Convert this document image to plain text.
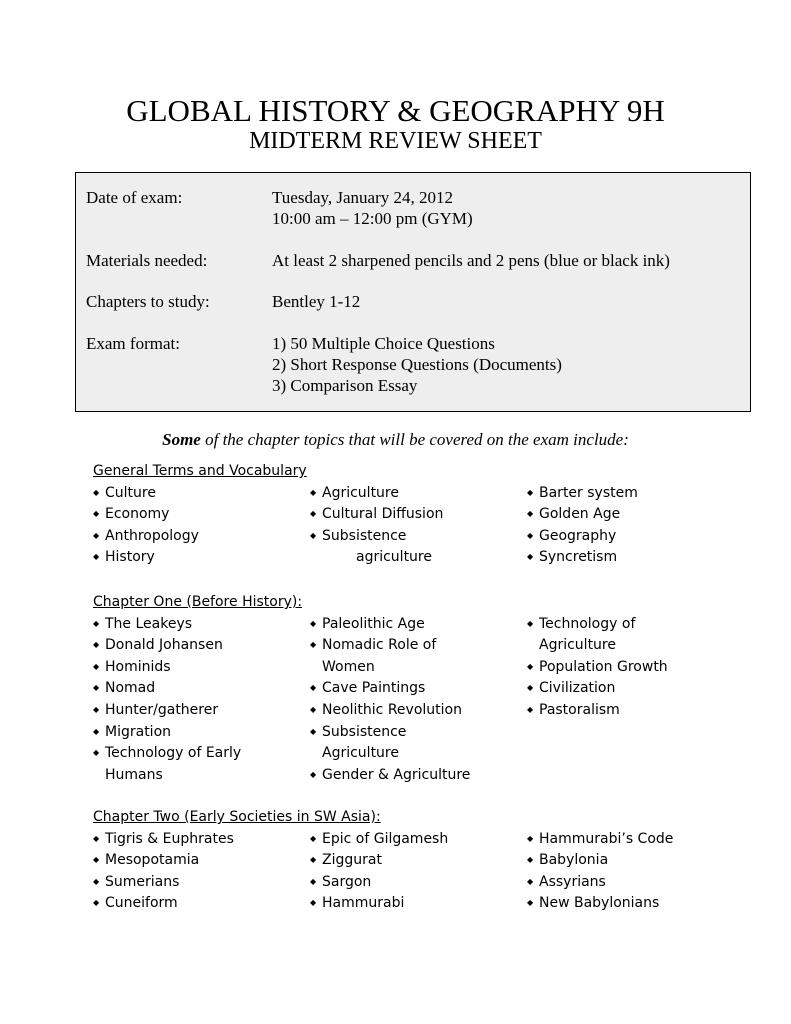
GLOBAL HISTORY & GEOGRAPHY 9H
MIDTERM REVIEW SHEET
Date of exam:	Tuesday, January 24, 2012
10:00 am – 12:00 pm (GYM)
Materials needed:	At least 2 sharpened pencils and 2 pens (blue or black ink)
Chapters to study:	Bentley 1-12
Exam format:	1) 50 Multiple Choice Questions
2) Short Response Questions (Documents)
3) Comparison Essay
Some of the chapter topics that will be covered on the exam include:
General Terms and Vocabulary
◆ Culture
◆ Economy
◆ Anthropology
◆ History
◆ Agriculture
◆ Cultural Diffusion
◆ Subsistence
agriculture
◆ Barter system
◆ Golden Age
◆ Geography
◆ Syncretism
Chapter One (Before History):
◆ The Leakeys
◆ Donald Johansen
◆ Hominids
◆ Nomad
◆ Hunter/gatherer
◆ Migration
◆ Technology of Early
Humans
◆ Paleolithic Age
◆ Nomadic Role of
Women
◆ Cave Paintings
◆ Neolithic Revolution
◆ Subsistence
Agriculture
◆ Gender & Agriculture
◆ Technology of
Agriculture
◆ Population Growth
◆ Civilization
◆ Pastoralism
Chapter Two (Early Societies in SW Asia):
◆ Tigris & Euphrates
◆ Mesopotamia
◆ Sumerians
◆ Cuneiform
◆ Epic of Gilgamesh
◆ Ziggurat
◆ Sargon
◆ Hammurabi
◆ Hammurabi’s Code
◆ Babylonia
◆ Assyrians
◆ New Babylonians
